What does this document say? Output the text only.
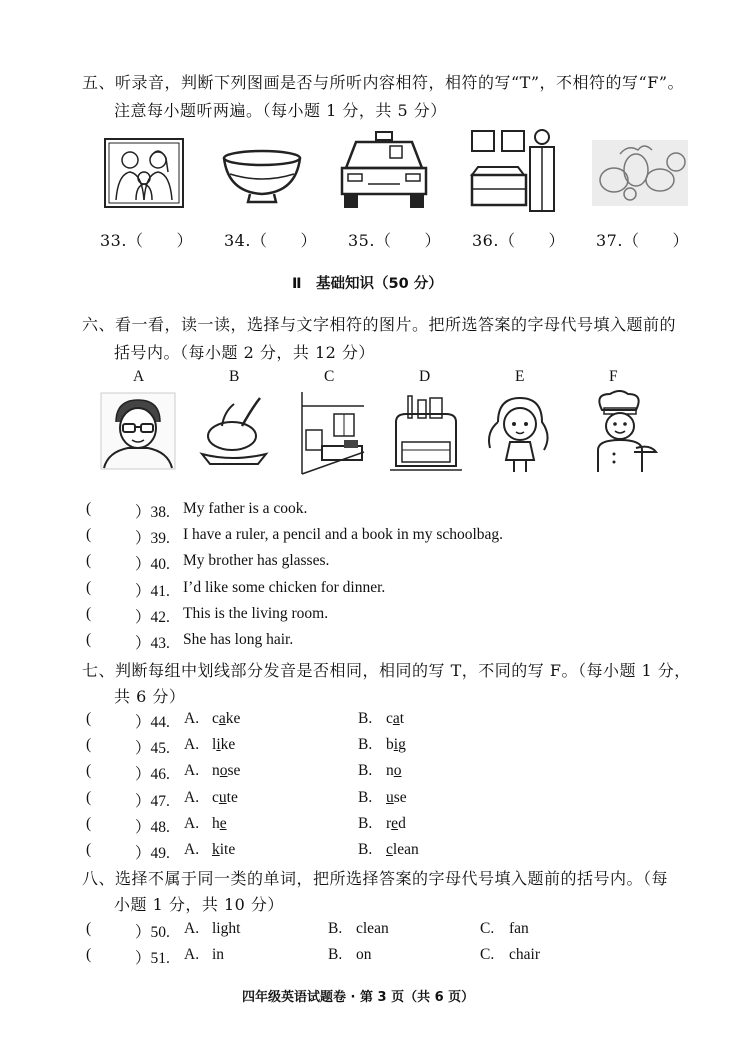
五、听录音，判断下列图画是否与所听内容相符，相符的写“T”，不相符的写“F”。
注意每小题听两遍。（每小题 1 分，共 5 分）
33.（　　） 34.（　　） 35.（　　） 36.（　　） 37.（　　）
Ⅱ　基础知识（50 分）
六、看一看，读一读，选择与文字相符的图片。把所选答案的字母代号填入题前的
括号内。（每小题 2 分，共 12 分）
A	B	C	D	E	F
(	）38. My father is a cook.
(	）39. I have a ruler, a pencil and a book in my schoolbag.
(	）40. My brother has glasses.
(	）41. I’d like some chicken for dinner.
(	）42. This is the living room.
(	）43. She has long hair.
七、判断每组中划线部分发音是否相同，相同的写 T，不同的写 F。（每小题 1 分，
共 6 分）
(	）44. A. cake	B. cat
(	）45. A. like	B. big
(	）46. A. nose	B. no
(	）47. A. cute	B. use
(	）48. A. he	B. red
(	）49. A. kite	B. clean
八、选择不属于同一类的单词，把所选择答案的字母代号填入题前的括号内。（每
小题 1 分，共 10 分）
(	）50. A. light	B. clean	C. fan
(	）51. A. in	B. on	C. chair
四年级英语试题卷 · 第 3 页（共 6 页）
